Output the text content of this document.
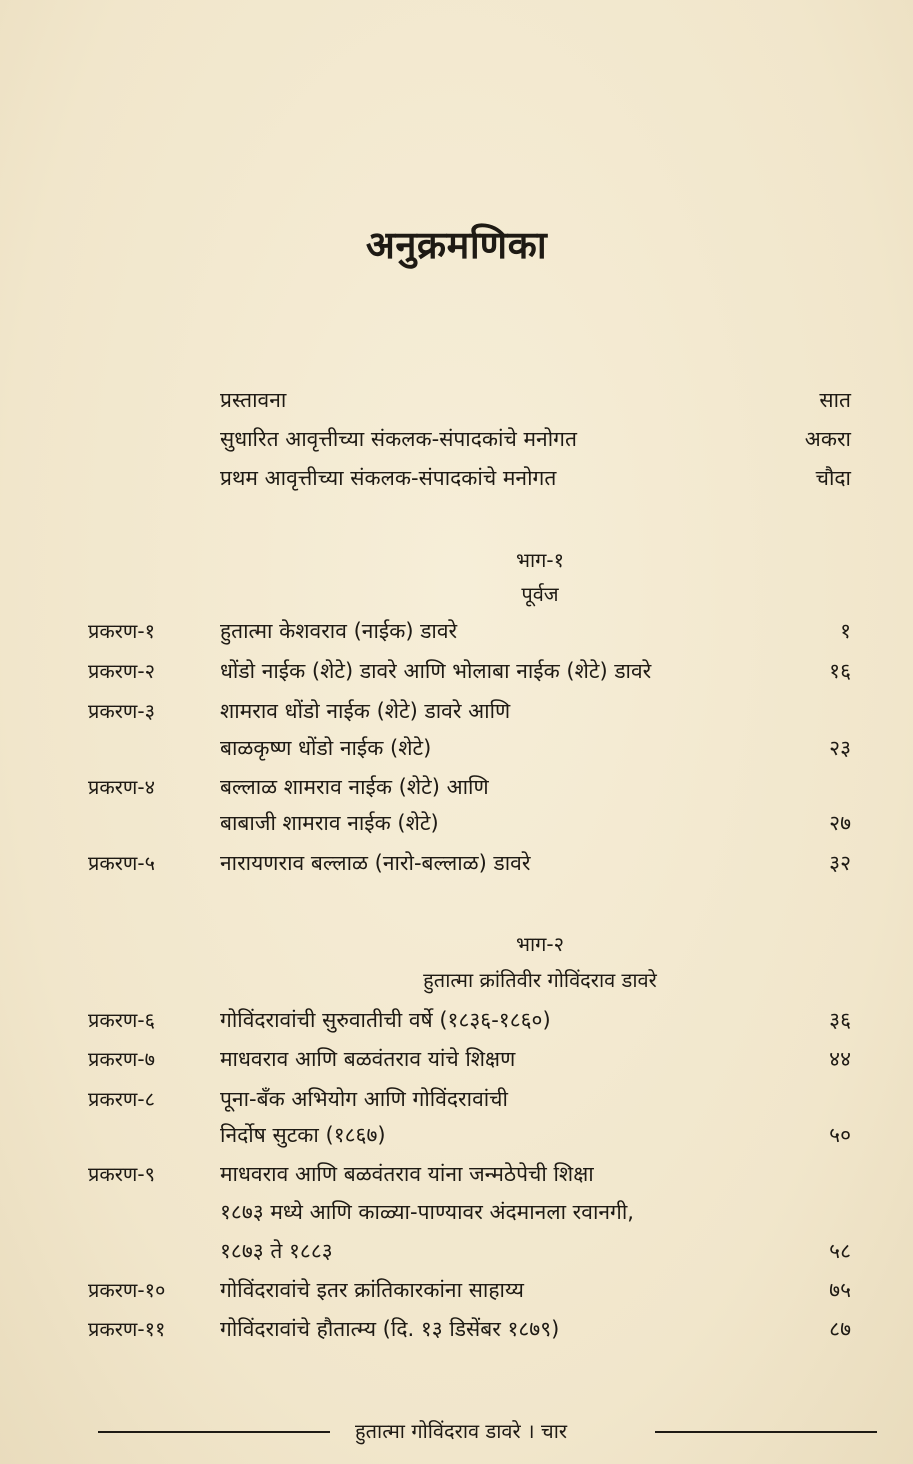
अनुक्रमणिका
प्रस्तावना	सात
सुधारित आवृत्तीच्या संकलक-संपादकांचे मनोगत	अकरा
प्रथम आवृत्तीच्या संकलक-संपादकांचे मनोगत	चौदा
भाग-१
पूर्वज
प्रकरण-१	हुतात्मा केशवराव (नाईक) डावरे	१
प्रकरण-२	धोंडो नाईक (शेटे) डावरे आणि भोलाबा नाईक (शेटे) डावरे	१६
प्रकरण-३	शामराव धोंडो नाईक (शेटे) डावरे आणि
बाळकृष्ण धोंडो नाईक (शेटे)	२३
प्रकरण-४	बल्लाळ शामराव नाईक (शेटे) आणि
बाबाजी शामराव नाईक (शेटे)	२७
प्रकरण-५	नारायणराव बल्लाळ (नारो-बल्लाळ) डावरे	३२
भाग-२
हुतात्मा क्रांतिवीर गोविंदराव डावरे
प्रकरण-६	गोविंदरावांची सुरुवातीची वर्षे (१८३६-१८६०)	३६
प्रकरण-७	माधवराव आणि बळवंतराव यांचे शिक्षण	४४
प्रकरण-८	पूना-बँक अभियोग आणि गोविंदरावांची
निर्दोष सुटका (१८६७)	५०
प्रकरण-९	माधवराव आणि बळवंतराव यांना जन्मठेपेची शिक्षा
१८७३ मध्ये आणि काळ्या-पाण्यावर अंदमानला रवानगी,
१८७३ ते १८८३	५८
प्रकरण-१०	गोविंदरावांचे इतर क्रांतिकारकांना साहाय्य	७५
प्रकरण-११	गोविंदरावांचे हौतात्म्य (दि. १३ डिसेंबर १८७९)	८७
हुतात्मा गोविंदराव डावरे । चार
